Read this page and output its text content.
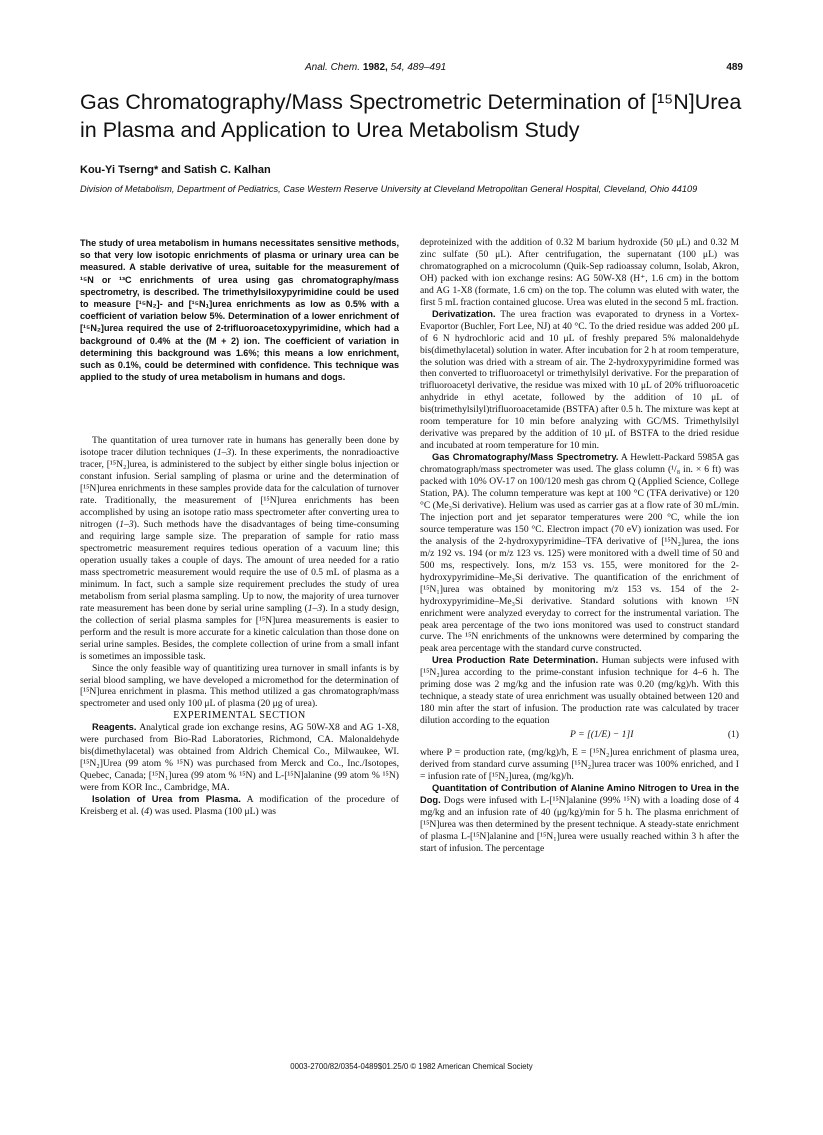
Anal. Chem. 1982, 54, 489–491	489
Gas Chromatography/Mass Spectrometric Determination of [¹⁵N]Urea in Plasma and Application to Urea Metabolism Study
Kou-Yi Tserng* and Satish C. Kalhan
Division of Metabolism, Department of Pediatrics, Case Western Reserve University at Cleveland Metropolitan General Hospital, Cleveland, Ohio 44109

The study of urea metabolism in humans necessitates sensitive methods, so that very low isotopic enrichments of plasma or urinary urea can be measured. A stable derivative of urea, suitable for the measurement of ¹⁵N or ¹³C enrichments of urea using gas chromatography/mass spectrometry, is described. The trimethylsiloxypyrimidine could be used to measure [¹⁵N₂]- and [¹⁵N₁]urea enrichments as low as 0.5% with a coefficient of variation below 5%. Determination of a lower enrichment of [¹⁵N₂]urea required the use of 2-trifluoroacetoxypyrimidine, which had a background of 0.4% at the (M + 2) ion. The coefficient of variation in determining this background was 1.6%; this means a low enrichment, such as 0.1%, could be determined with confidence. This technique was applied to the study of urea metabolism in humans and dogs.

The quantitation of urea turnover rate in humans has generally been done by isotope tracer dilution techniques (1–3). In these experiments, the nonradioactive tracer, [¹⁵N₂]urea, is administered to the subject by either single bolus injection or constant infusion. Serial sampling of plasma or urine and the determination of [¹⁵N]urea enrichments in these samples provide data for the calculation of turnover rate. Traditionally, the measurement of [¹⁵N]urea enrichments has been accomplished by using an isotope ratio mass spectrometer after converting urea to nitrogen (1–3). Such methods have the disadvantages of being time-consuming and requiring large sample size. The preparation of sample for ratio mass spectrometric measurement requires tedious operation of a vacuum line; this operation usually takes a couple of days. The amount of urea needed for a ratio mass spectrometric measurement would require the use of 0.5 mL of plasma as a minimum. In fact, such a sample size requirement precludes the study of urea metabolism from serial plasma sampling. Up to now, the majority of urea turnover rate measurement has been done by serial urine sampling (1–3). In a study design, the collection of serial plasma samples for [¹⁵N]urea measurements is easier to perform and the result is more accurate for a kinetic calculation than those done on serial urine samples. Besides, the complete collection of urine from a small infant is sometimes an impossible task.

Since the only feasible way of quantitizing urea turnover in small infants is by serial blood sampling, we have developed a micromethod for the determination of [¹⁵N]urea enrichment in plasma. This method utilized a gas chromatograph/mass spectrometer and used only 100 μL of plasma (20 μg of urea).

EXPERIMENTAL SECTION

Reagents. Analytical grade ion exchange resins, AG 50W-X8 and AG 1-X8, were purchased from Bio-Rad Laboratories, Richmond, CA. Malonaldehyde bis(dimethylacetal) was obtained from Aldrich Chemical Co., Milwaukee, WI. [¹⁵N₂]Urea (99 atom % ¹⁵N) was purchased from Merck and Co., Inc./Isotopes, Quebec, Canada; [¹⁵N₁]urea (99 atom % ¹⁵N) and L-[¹⁵N]alanine (99 atom % ¹⁵N) were from KOR Inc., Cambridge, MA.

Isolation of Urea from Plasma. A modification of the procedure of Kreisberg et al. (4) was used. Plasma (100 μL) was

deproteinized with the addition of 0.32 M barium hydroxide (50 μL) and 0.32 M zinc sulfate (50 μL). After centrifugation, the supernatant (100 μL) was chromatographed on a microcolumn (Quik-Sep radioassay column, Isolab, Akron, OH) packed with ion exchange resins: AG 50W-X8 (H⁺, 1.6 cm) in the bottom and AG 1-X8 (formate, 1.6 cm) on the top. The column was eluted with water, the first 5 mL fraction contained glucose. Urea was eluted in the second 5 mL fraction.

Derivatization. The urea fraction was evaporated to dryness in a Vortex-Evaportor (Buchler, Fort Lee, NJ) at 40 °C. To the dried residue was added 200 μL of 6 N hydrochloric acid and 10 μL of freshly prepared 5% malonaldehyde bis(dimethylacetal) solution in water. After incubation for 2 h at room temperature, the solution was dried with a stream of air. The 2-hydroxypyrimidine formed was then converted to trifluoroacetyl or trimethylsilyl derivative. For the preparation of trifluoroacetyl derivative, the residue was mixed with 10 μL of 20% trifluoroacetic anhydride in ethyl acetate, followed by the addition of 10 μL of bis(trimethylsilyl)trifluoroacetamide (BSTFA) after 0.5 h. The mixture was kept at room temperature for 10 min before analyzing with GC/MS. Trimethylsilyl derivative was prepared by the addition of 10 μL of BSTFA to the dried residue and incubated at room temperature for 10 min.

Gas Chromatography/Mass Spectrometry. A Hewlett-Packard 5985A gas chromatograph/mass spectrometer was used. The glass column (¹/₈ in. × 6 ft) was packed with 10% OV-17 on 100/120 mesh gas chrom Q (Applied Science, College Station, PA). The column temperature was kept at 100 °C (TFA derivative) or 120 °C (Me₃Si derivative). Helium was used as carrier gas at a flow rate of 30 mL/min. The injection port and jet separator temperatures were 200 °C, while the ion source temperature was 150 °C. Electron impact (70 eV) ionization was used. For the analysis of the 2-hydroxypyrimidine–TFA derivative of [¹⁵N₂]urea, the ions m/z 192 vs. 194 (or m/z 123 vs. 125) were monitored with a dwell time of 50 and 500 ms, respectively. Ions, m/z 153 vs. 155, were monitored for the 2-hydroxypyrimidine–Me₃Si derivative. The quantification of the enrichment of [¹⁵N₁]urea was obtained by monitoring m/z 153 vs. 154 of the 2-hydroxypyrimidine–Me₃Si derivative. Standard solutions with known ¹⁵N enrichment were analyzed everyday to correct for the instrumental variation. The peak area percentage of the two ions monitored was used to construct standard curve. The ¹⁵N enrichments of the unknowns were determined by comparing the peak area percentage with the standard curve constructed.

Urea Production Rate Determination. Human subjects were infused with [¹⁵N₂]urea according to the prime-constant infusion technique for 4–6 h. The priming dose was 2 mg/kg and the infusion rate was 0.20 (mg/kg)/h. With this technique, a steady state of urea enrichment was usually obtained between 120 and 180 min after the start of infusion. The production rate was calculated by tracer dilution according to the equation

P = [(1/E) − 1]I	(1)

where P = production rate, (mg/kg)/h, E = [¹⁵N₂]urea enrichment of plasma urea, derived from standard curve assuming [¹⁵N₂]urea tracer was 100% enriched, and I = infusion rate of [¹⁵N₂]urea, (mg/kg)/h.

Quantitation of Contribution of Alanine Amino Nitrogen to Urea in the Dog. Dogs were infused with L-[¹⁵N]alanine (99% ¹⁵N) with a loading dose of 4 mg/kg and an infusion rate of 40 (μg/kg)/min for 5 h. The plasma enrichment of [¹⁵N]urea was then determined by the present technique. A steady-state enrichment of plasma L-[¹⁵N]alanine and [¹⁵N₁]urea were usually reached within 3 h after the start of infusion. The percentage

0003-2700/82/0354-0489$01.25/0 © 1982 American Chemical Society
